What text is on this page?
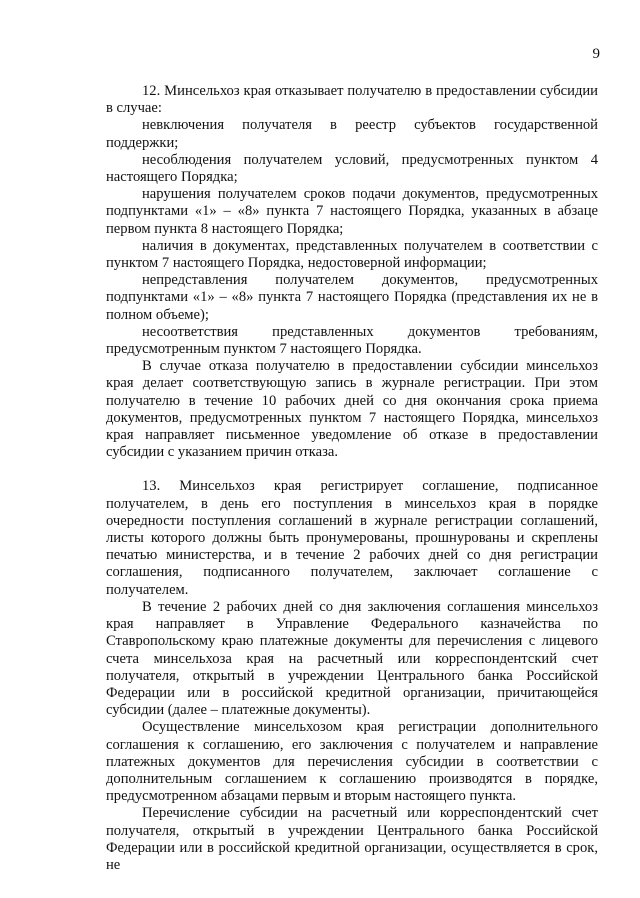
9

12. Минсельхоз края отказывает получателю в предоставлении субсидии в случае:

невключения получателя в реестр субъектов государственной поддержки;

несоблюдения получателем условий, предусмотренных пунктом 4 настоящего Порядка;

нарушения получателем сроков подачи документов, предусмотренных подпунктами «1» – «8» пункта 7 настоящего Порядка, указанных в абзаце первом пункта 8 настоящего Порядка;

наличия в документах, представленных получателем в соответствии с пунктом 7 настоящего Порядка, недостоверной информации;

непредставления получателем документов, предусмотренных подпунктами «1» – «8» пункта 7 настоящего Порядка (представления их не в полном объеме);

несоответствия представленных документов требованиям, предусмотренным пунктом 7 настоящего Порядка.

В случае отказа получателю в предоставлении субсидии минсельхоз края делает соответствующую запись в журнале регистрации. При этом получателю в течение 10 рабочих дней со дня окончания срока приема документов, предусмотренных пунктом 7 настоящего Порядка, минсельхоз края направляет письменное уведомление об отказе в предоставлении субсидии с указанием причин отказа.

13. Минсельхоз края регистрирует соглашение, подписанное получателем, в день его поступления в минсельхоз края в порядке очередности поступления соглашений в журнале регистрации соглашений, листы которого должны быть пронумерованы, прошнурованы и скреплены печатью министерства, и в течение 2 рабочих дней со дня регистрации соглашения, подписанного получателем, заключает соглашение с получателем.

В течение 2 рабочих дней со дня заключения соглашения минсельхоз края направляет в Управление Федерального казначейства по Ставропольскому краю платежные документы для перечисления с лицевого счета минсельхоза края на расчетный или корреспондентский счет получателя, открытый в учреждении Центрального банка Российской Федерации или в российской кредитной организации, причитающейся субсидии (далее – платежные документы).

Осуществление минсельхозом края регистрации дополнительного соглашения к соглашению, его заключения с получателем и направление платежных документов для перечисления субсидии в соответствии с дополнительным соглашением к соглашению производятся в порядке, предусмотренном абзацами первым и вторым настоящего пункта.

Перечисление субсидии на расчетный или корреспондентский счет получателя, открытый в учреждении Центрального банка Российской Федерации или в российской кредитной организации, осуществляется в срок, не
